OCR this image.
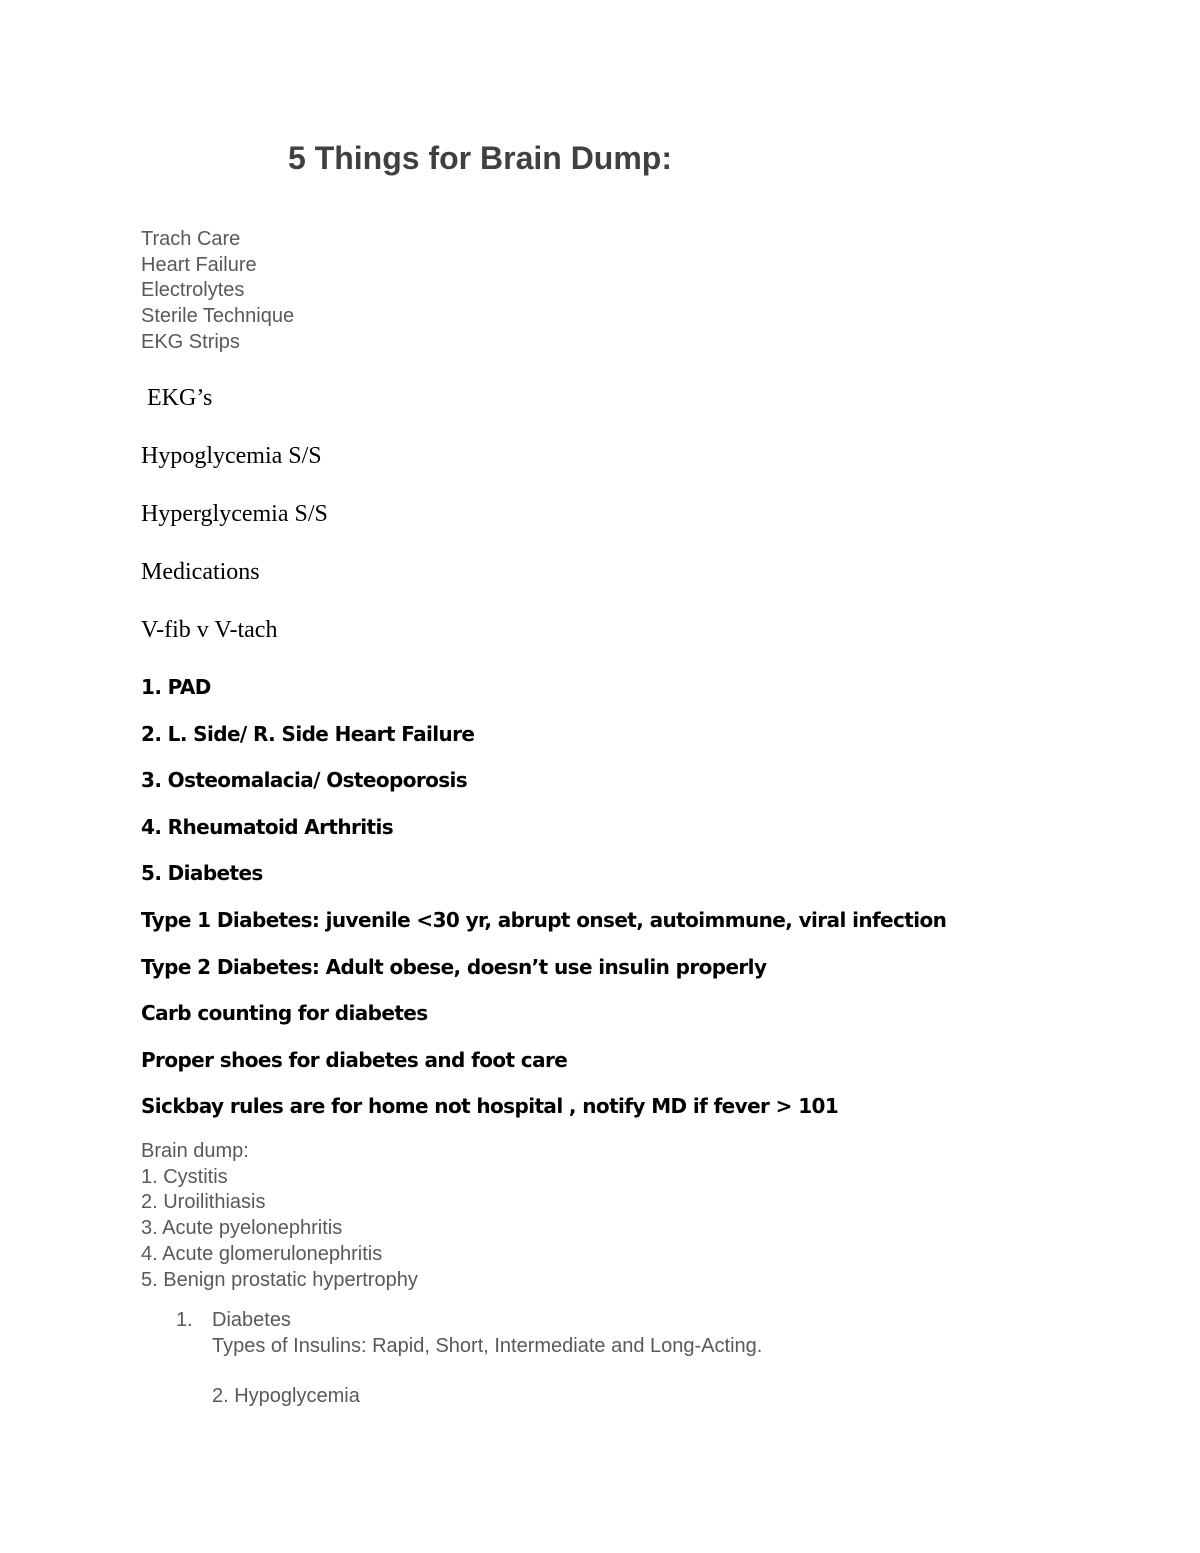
5 Things for Brain Dump:
Trach Care
Heart Failure
Electrolytes
Sterile Technique
EKG Strips
EKG’s
Hypoglycemia S/S
Hyperglycemia S/S
Medications
V-fib v V-tach
1. PAD
2. L. Side/ R. Side Heart Failure
3. Osteomalacia/ Osteoporosis
4. Rheumatoid Arthritis
5. Diabetes
Type 1 Diabetes: juvenile <30 yr, abrupt onset, autoimmune, viral infection
Type 2 Diabetes: Adult obese, doesn’t use insulin properly
Carb counting for diabetes
Proper shoes for diabetes and foot care
Sickbay rules are for home not hospital , notify MD if fever > 101
Brain dump:
1. Cystitis
2. Uroilithiasis
3. Acute pyelonephritis
4. Acute glomerulonephritis
5. Benign prostatic hypertrophy
1. Diabetes
Types of Insulins: Rapid, Short, Intermediate and Long-Acting.
2. Hypoglycemia
